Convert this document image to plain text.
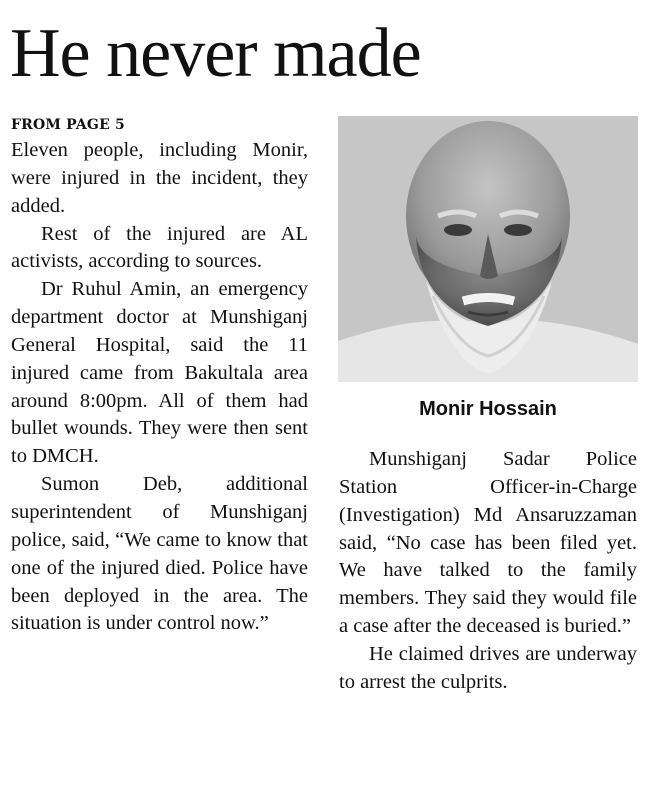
He never made

FROM PAGE 5

Eleven people, including Monir, were injured in the incident, they added.

Rest of the injured are AL activists, according to sources.

Dr Ruhul Amin, an emergency department doctor at Munshiganj General Hospital, said the 11 injured came from Bakultala area around 8:00pm. All of them had bullet wounds. They were then sent to DMCH.

Sumon Deb, additional superintendent of Munshiganj police, said, “We came to know that one of the injured died. Police have been deployed in the area. The situation is under control now.”

Monir Hossain

Munshiganj Sadar Police Station Officer-in-Charge (Investigation) Md Ansaruzzaman said, “No case has been filed yet. We have talked to the family members. They said they would file a case after the deceased is buried.”

He claimed drives are underway to arrest the culprits.
